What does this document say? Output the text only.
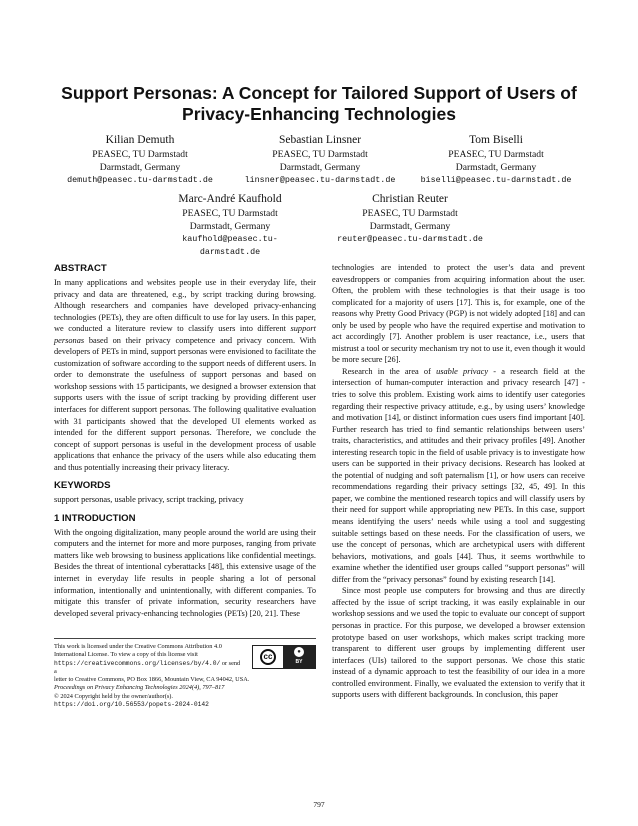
Support Personas: A Concept for Tailored Support of Users of Privacy-Enhancing Technologies
Kilian Demuth
PEASEC, TU Darmstadt
Darmstadt, Germany
demuth@peasec.tu-darmstadt.de
Sebastian Linsner
PEASEC, TU Darmstadt
Darmstadt, Germany
linsner@peasec.tu-darmstadt.de
Tom Biselli
PEASEC, TU Darmstadt
Darmstadt, Germany
biselli@peasec.tu-darmstadt.de
Marc-André Kaufhold
PEASEC, TU Darmstadt
Darmstadt, Germany
kaufhold@peasec.tu-darmstadt.de
Christian Reuter
PEASEC, TU Darmstadt
Darmstadt, Germany
reuter@peasec.tu-darmstadt.de
ABSTRACT

In many applications and websites people use in their everyday life, their privacy and data are threatened, e.g., by script tracking during browsing. Although researchers and companies have developed privacy-enhancing technologies (PETs), they are often difficult to use for lay users. In this paper, we conducted a literature review to classify users into different support personas based on their privacy competence and privacy concern. With developers of PETs in mind, support personas were envisioned to facilitate the customization of software according to the support needs of different users. In order to demonstrate the usefulness of support personas and based on workshop sessions with 15 participants, we designed a browser extension that supports users with the issue of script tracking by providing different user interfaces for different support personas. The following qualitative evaluation with 31 participants showed that the developed UI elements worked as intended for the different support personas. Therefore, we conclude the concept of support personas is useful in the development process of usable applications that enhance the privacy of the users while also educating them and thus potentially increasing their privacy literacy.

KEYWORDS

support personas, usable privacy, script tracking, privacy

1 INTRODUCTION

With the ongoing digitalization, many people around the world are using their computers and the internet for more and more purposes, ranging from private matters like web browsing to business applications like confidential meetings. Besides the threat of intentional cyberattacks [48], this extensive usage of the internet in everyday life results in people sharing a lot of personal information, intentionally and unintentionally, with different companies. To mitigate this transfer of private information, security researchers have developed several privacy-enhancing technologies (PETs) [20, 21]. These

This work is licensed under the Creative Commons Attribution 4.0 International License. To view a copy of this license visit https://creativecommons.org/licenses/by/4.0/ or send a
letter to Creative Commons, PO Box 1866, Mountain View, CA 94042, USA.
Proceedings on Privacy Enhancing Technologies 2024(4), 797–817
© 2024 Copyright held by the owner/author(s).
https://doi.org/10.56553/popets-2024-0142
cc	●
BY

technologies are intended to protect the user’s data and prevent eavesdroppers or companies from acquiring information about the user. Often, the problem with these technologies is that their usage is too complicated for a majority of users [17]. This is, for example, one of the reasons why Pretty Good Privacy (PGP) is not widely adopted [18] and can only be used by people who have the required expertise and motivation to act accordingly [7]. Another problem is user reactance, i.e., users that mistrust a tool or security mechanism try not to use it, even though it would be more secure [26].

Research in the area of usable privacy - a research field at the intersection of human-computer interaction and privacy research [47] - tries to solve this problem. Existing work aims to identify user categories regarding their respective privacy attitude, e.g., by using users’ knowledge and motivation [14], or distinct information cues users find important [40]. Further research has tried to find semantic relationships between users’ traits, characteristics, and attitudes and their privacy profiles [49]. Another interesting research topic in the field of usable privacy is to investigate how users can be supported in their privacy decisions. Research has looked at the potential of nudging and soft paternalism [1], or how users can receive recommendations regarding their privacy settings [32, 45, 49]. In this paper, we combine the mentioned research topics and will classify users by their need for support while appropriating new PETs. In this case, support means identifying the users’ needs while using a tool and suggesting suitable settings based on these needs. For the classification of users, we use the concept of personas, which are archetypical users with different behaviors, motivations, and goals [44]. Thus, it seems worthwhile to examine whether the identified user groups called “support personas” will differ from the “privacy personas” found by existing research [14].

Since most people use computers for browsing and thus are directly affected by the issue of script tracking, it was easily explainable in our workshop sessions and we used the topic to evaluate our concept of support personas in practice. For this purpose, we developed a browser extension prototype based on user workshops, which makes script tracking more transparent to different user groups by implementing different user interfaces (UIs) tailored to the support personas. We chose this static instead of a dynamic approach to test the feasibility of our idea in a more controlled environment. Finally, we evaluated the extension to verify that it supports users with different backgrounds. In conclusion, this paper

797
